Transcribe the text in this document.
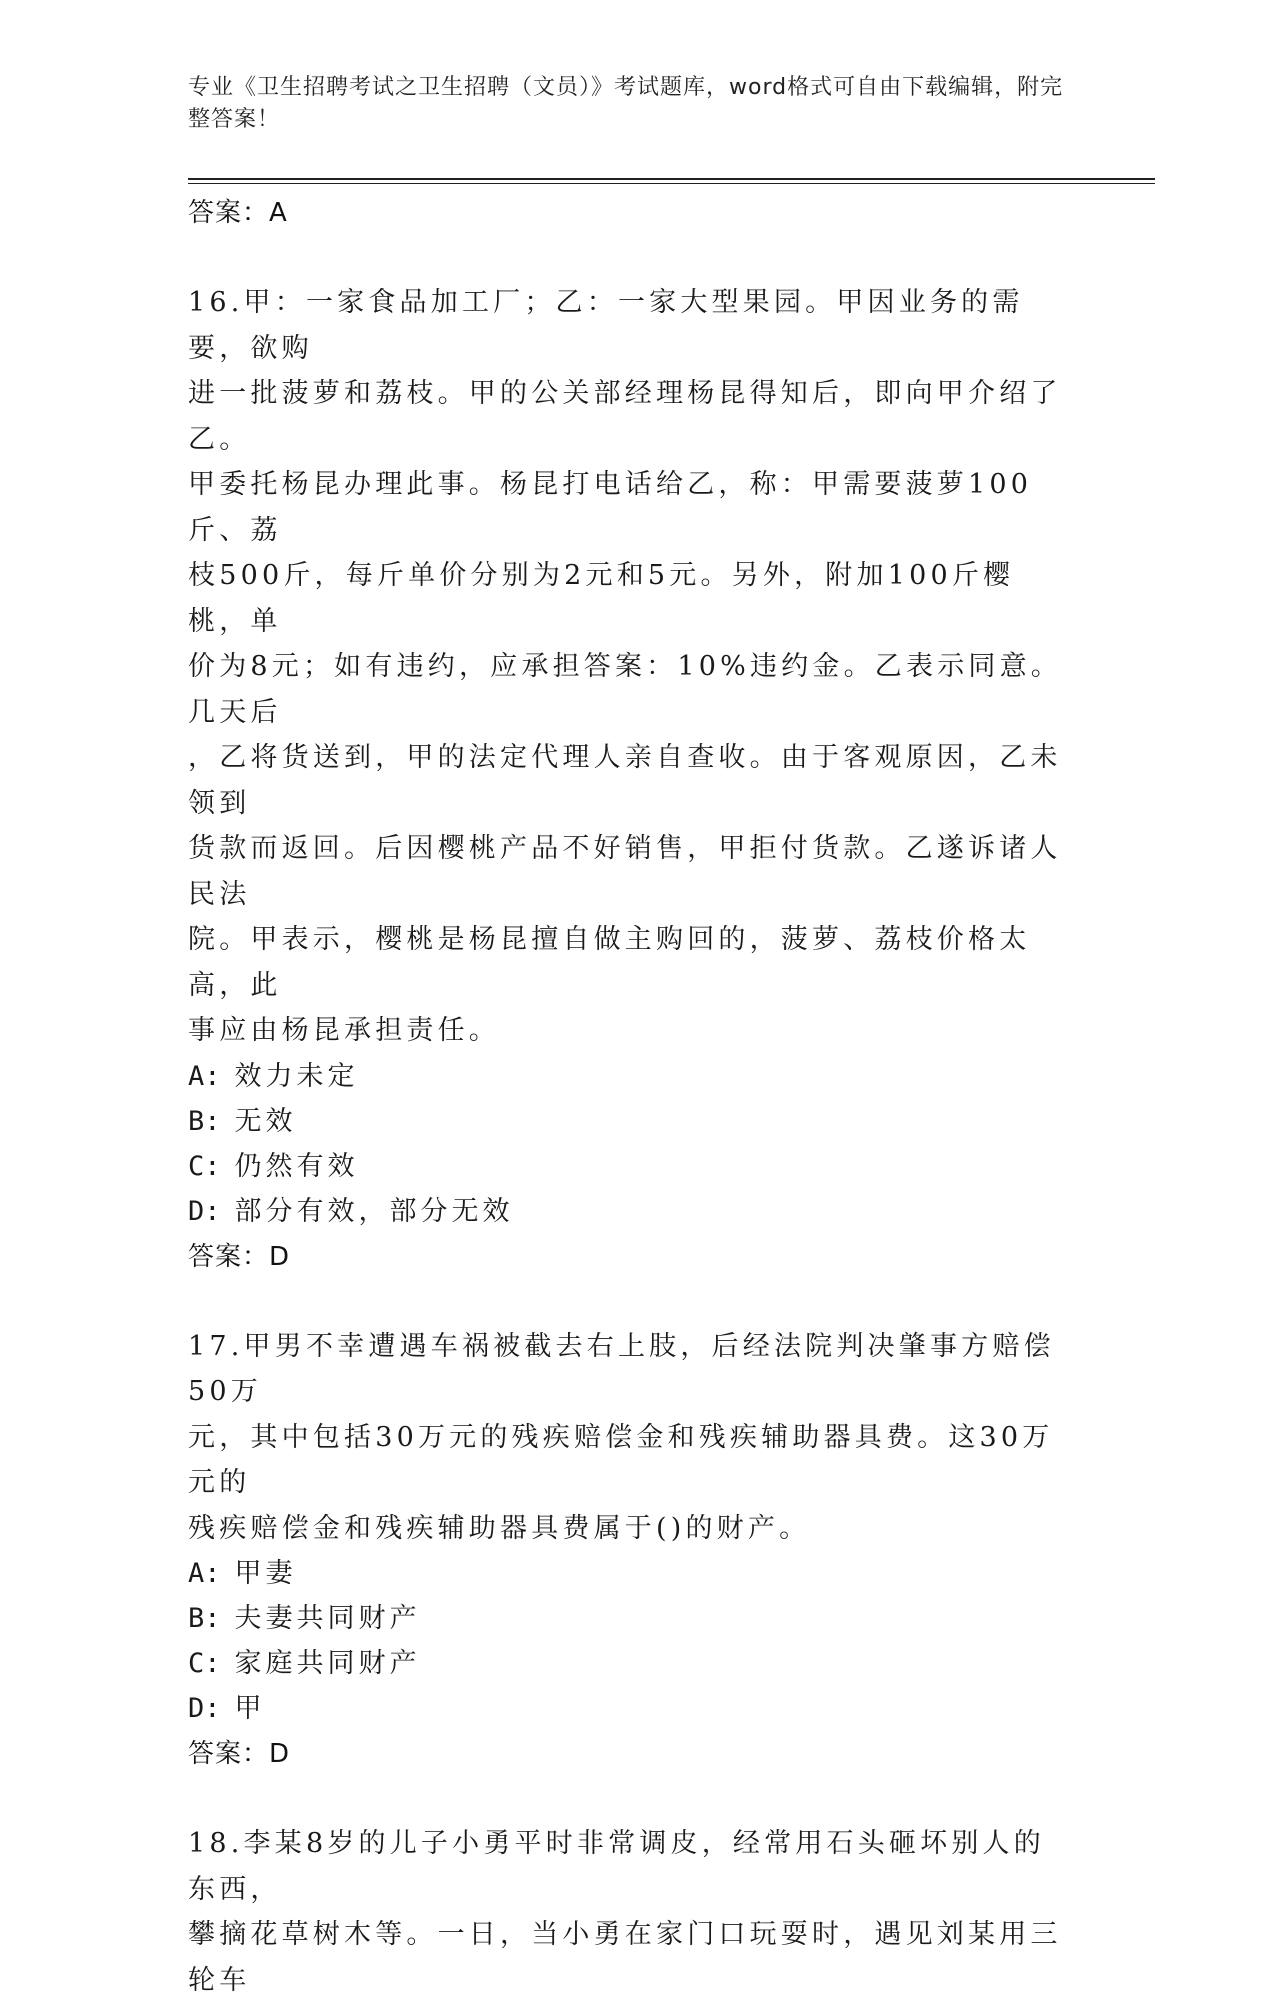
专业《卫生招聘考试之卫生招聘（文员）》考试题库，word格式可自由下载编辑，附完整答案！
答案：A

16.甲：一家食品加工厂；乙：一家大型果园。甲因业务的需要，欲购

进一批菠萝和荔枝。甲的公关部经理杨昆得知后，即向甲介绍了乙。

甲委托杨昆办理此事。杨昆打电话给乙，称：甲需要菠萝100斤、荔

枝500斤，每斤单价分别为2元和5元。另外，附加100斤樱桃，单

价为8元；如有违约，应承担答案：10%违约金。乙表示同意。几天后

，乙将货送到，甲的法定代理人亲自查收。由于客观原因，乙未领到

货款而返回。后因樱桃产品不好销售，甲拒付货款。乙遂诉诸人民法

院。甲表示，樱桃是杨昆擅自做主购回的，菠萝、荔枝价格太高，此

事应由杨昆承担责任。

A: 效力未定
B: 无效
C: 仍然有效
D: 部分有效，部分无效
答案：D

17.甲男不幸遭遇车祸被截去右上肢，后经法院判决肇事方赔偿50万

元，其中包括30万元的残疾赔偿金和残疾辅助器具费。这30万元的

残疾赔偿金和残疾辅助器具费属于()的财产。

A: 甲妻
B: 夫妻共同财产
C: 家庭共同财产
D: 甲
答案：D

18.李某8岁的儿子小勇平时非常调皮，经常用石头砸坏别人的东西，

攀摘花草树木等。一日，当小勇在家门口玩耍时，遇见刘某用三轮车
